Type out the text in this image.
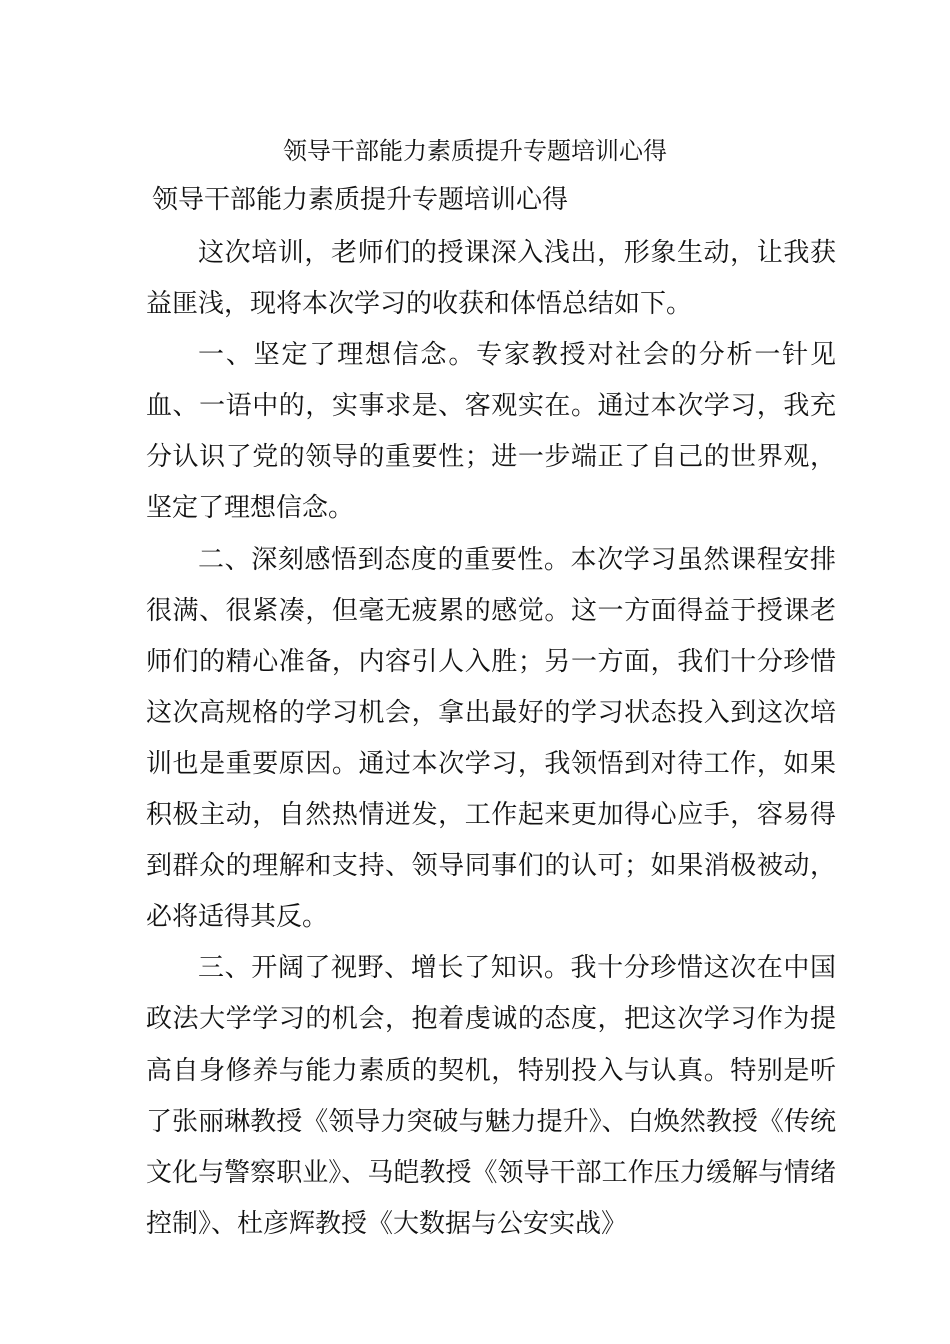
领导干部能力素质提升专题培训心得
领导干部能力素质提升专题培训心得

这次培训，老师们的授课深入浅出，形象生动，让我获益匪浅，现将本次学习的收获和体悟总结如下。

一、坚定了理想信念。专家教授对社会的分析一针见血、一语中的，实事求是、客观实在。通过本次学习，我充分认识了党的领导的重要性；进一步端正了自己的世界观，坚定了理想信念。

二、深刻感悟到态度的重要性。本次学习虽然课程安排很满、很紧凑，但毫无疲累的感觉。这一方面得益于授课老师们的精心准备，内容引人入胜；另一方面，我们十分珍惜这次高规格的学习机会，拿出最好的学习状态投入到这次培训也是重要原因。通过本次学习，我领悟到对待工作，如果积极主动，自然热情迸发，工作起来更加得心应手，容易得到群众的理解和支持、领导同事们的认可；如果消极被动，必将适得其反。

三、开阔了视野、增长了知识。我十分珍惜这次在中国政法大学学习的机会，抱着虔诚的态度，把这次学习作为提高自身修养与能力素质的契机，特别投入与认真。特别是听了张丽琳教授《领导力突破与魅力提升》、白焕然教授《传统文化与警察职业》、马皑教授《领导干部工作压力缓解与情绪控制》、杜彦辉教授《大数据与公安实战》
